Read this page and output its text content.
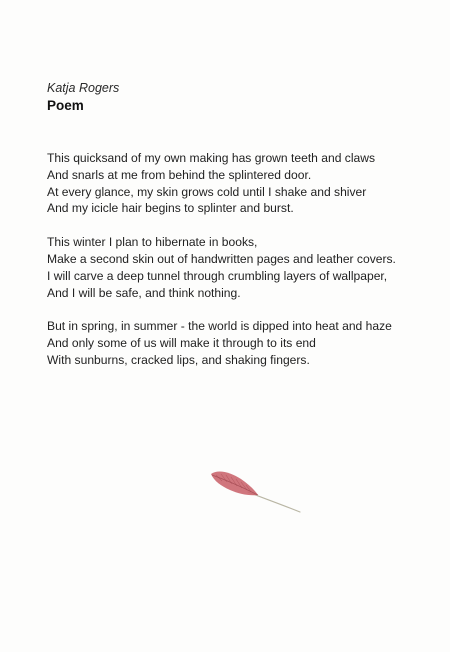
Katja Rogers
Poem
This quicksand of my own making has grown teeth and claws
And snarls at me from behind the splintered door.
At every glance, my skin grows cold until I shake and shiver
And my icicle hair begins to splinter and burst.
This winter I plan to hibernate in books,
Make a second skin out of handwritten pages and leather covers.
I will carve a deep tunnel through crumbling layers of wallpaper,
And I will be safe, and think nothing.
But in spring, in summer - the world is dipped into heat and haze
And only some of us will make it through to its end
With sunburns, cracked lips, and shaking fingers.
